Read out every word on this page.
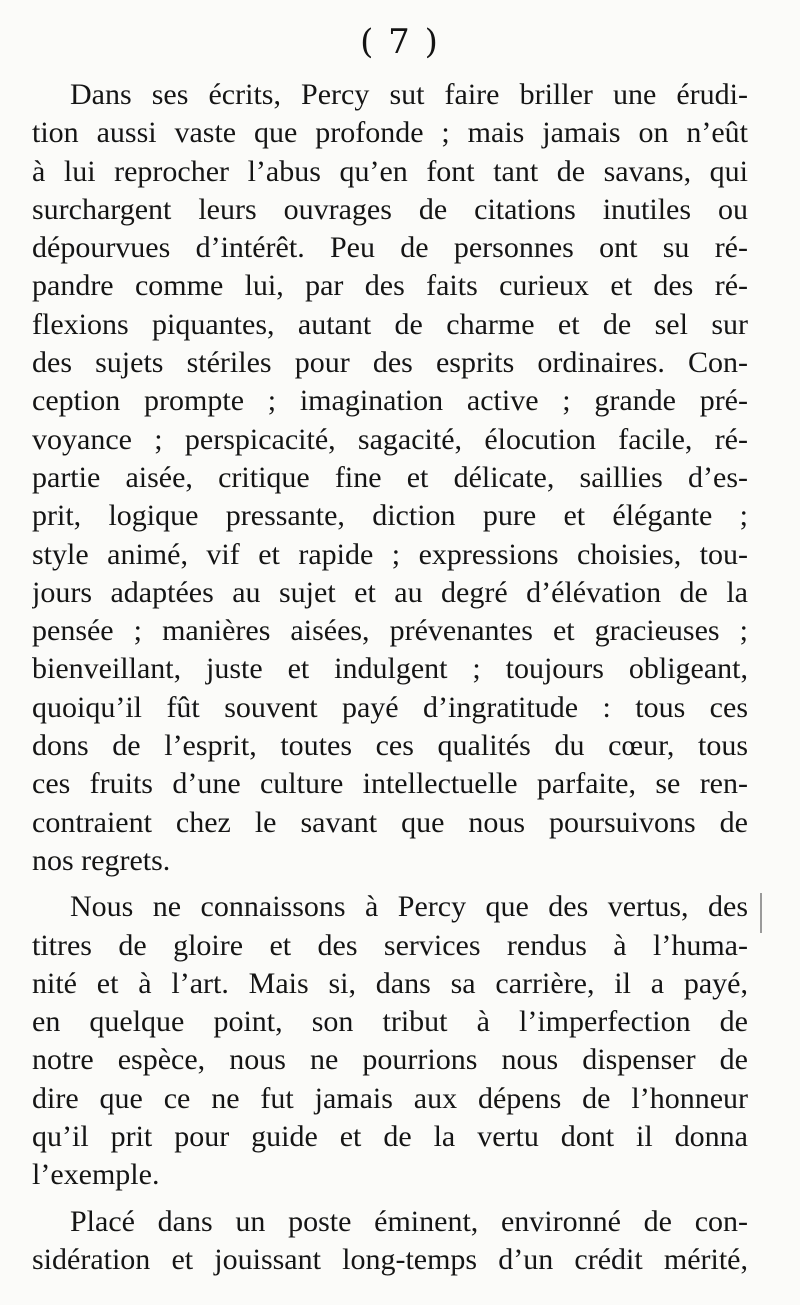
( 7 )
Dans ses écrits, Percy sut faire briller une érudi-
tion aussi vaste que profonde ; mais jamais on n’eût
à lui reprocher l’abus qu’en font tant de savans, qui
surchargent leurs ouvrages de citations inutiles ou
dépourvues d’intérêt. Peu de personnes ont su ré-
pandre comme lui, par des faits curieux et des ré-
flexions piquantes, autant de charme et de sel sur
des sujets stériles pour des esprits ordinaires. Con-
ception prompte ; imagination active ; grande pré-
voyance ; perspicacité, sagacité, élocution facile, ré-
partie aisée, critique fine et délicate, saillies d’es-
prit, logique pressante, diction pure et élégante ;
style animé, vif et rapide ; expressions choisies, tou-
jours adaptées au sujet et au degré d’élévation de la
pensée ; manières aisées, prévenantes et gracieuses ;
bienveillant, juste et indulgent ; toujours obligeant,
quoiqu’il fût souvent payé d’ingratitude : tous ces
dons de l’esprit, toutes ces qualités du cœur, tous
ces fruits d’une culture intellectuelle parfaite, se ren-
contraient chez le savant que nous poursuivons de
nos regrets.
Nous ne connaissons à Percy que des vertus, des
titres de gloire et des services rendus à l’huma-
nité et à l’art. Mais si, dans sa carrière, il a payé,
en quelque point, son tribut à l’imperfection de
notre espèce, nous ne pourrions nous dispenser de
dire que ce ne fut jamais aux dépens de l’honneur
qu’il prit pour guide et de la vertu dont il donna
l’exemple.
Placé dans un poste éminent, environné de con-
sidération et jouissant long-temps d’un crédit mérité,
